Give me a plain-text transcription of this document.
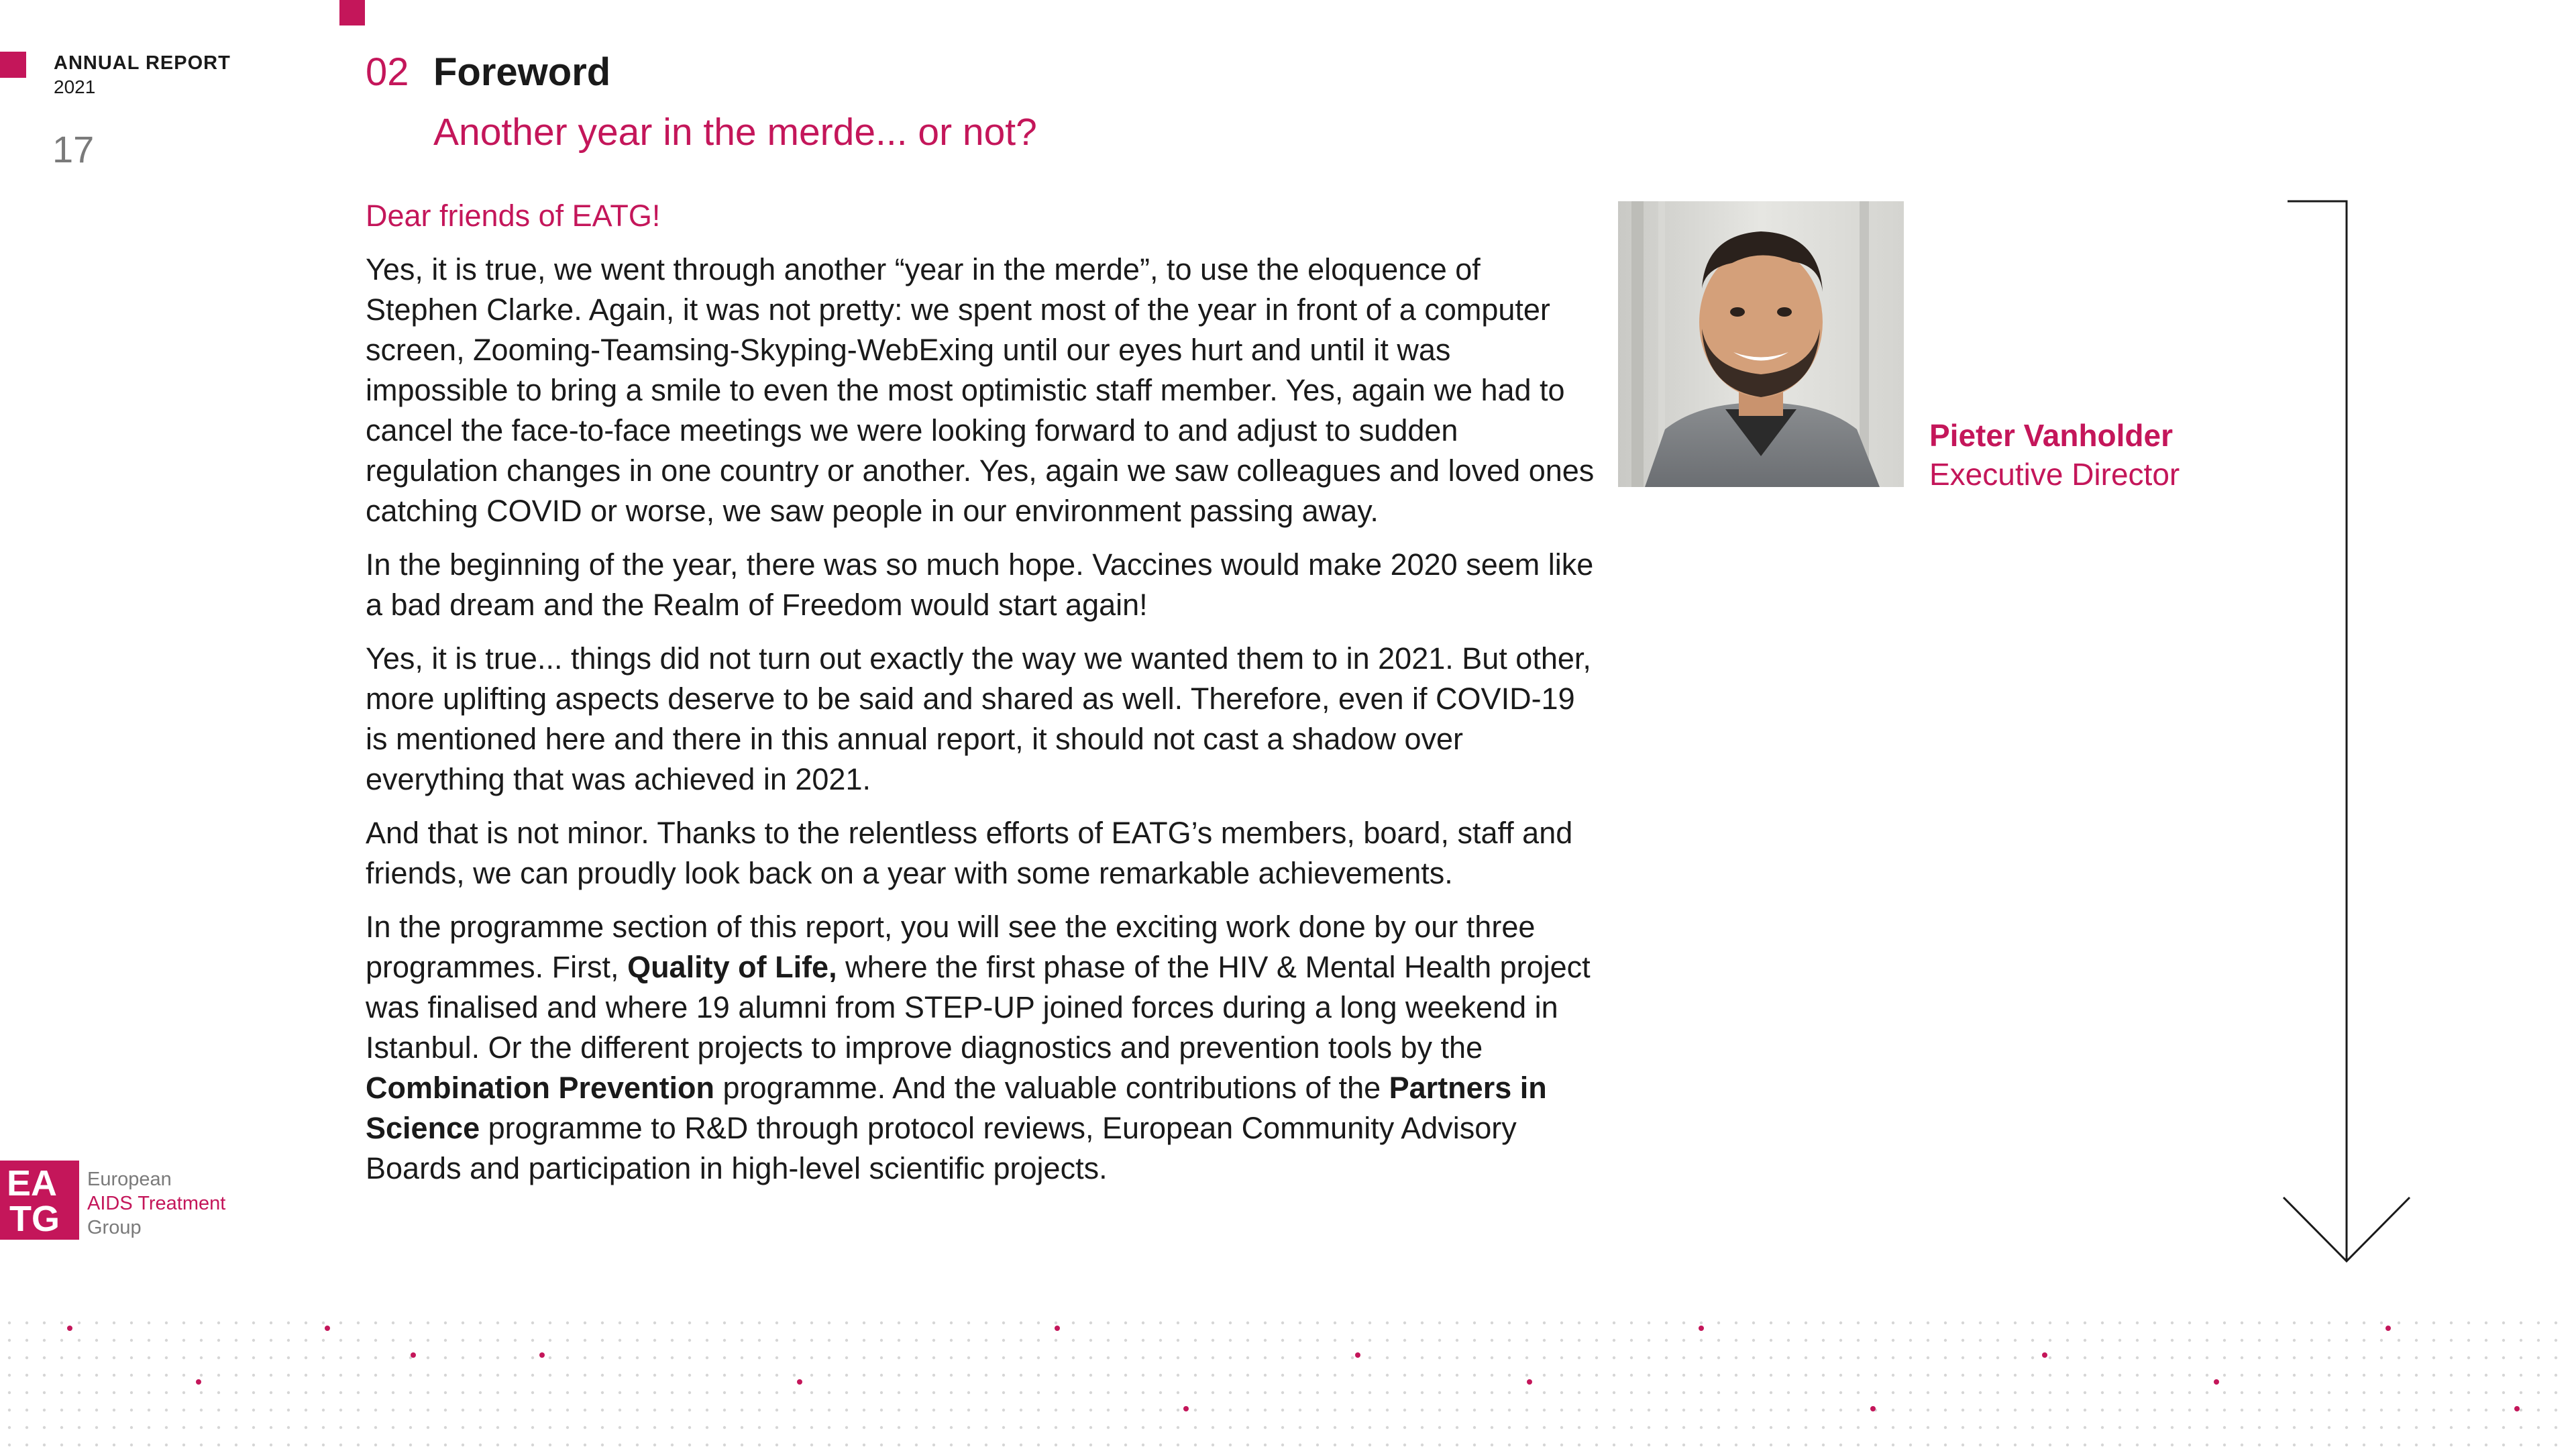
ANNUAL REPORT
2021
17
02 Foreword
Another year in the merde... or not?
Dear friends of EATG!

Yes, it is true, we went through another “year in the merde”, to use the eloquence of Stephen Clarke. Again, it was not pretty: we spent most of the year in front of a computer screen, Zooming-Teamsing-Skyping-WebExing until our eyes hurt and until it was impossible to bring a smile to even the most optimistic staff member. Yes, again we had to cancel the face-to-face meetings we were looking forward to and adjust to sudden regulation changes in one country or another. Yes, again we saw colleagues and loved ones catching COVID or worse, we saw people in our environment passing away.

In the beginning of the year, there was so much hope. Vaccines would make 2020 seem like a bad dream and the Realm of Freedom would start again!

Yes, it is true... things did not turn out exactly the way we wanted them to in 2021. But other, more uplifting aspects deserve to be said and shared as well. Therefore, even if COVID-19 is mentioned here and there in this annual report, it should not cast a shadow over everything that was achieved in 2021.

And that is not minor. Thanks to the relentless efforts of EATG’s members, board, staff and friends, we can proudly look back on a year with some remarkable achievements.

In the programme section of this report, you will see the exciting work done by our three programmes. First, Quality of Life, where the first phase of the HIV & Mental Health project was finalised and where 19 alumni from STEP-UP joined forces during a long weekend in Istanbul. Or the different projects to improve diagnostics and prevention tools by the Combination Prevention programme. And the valuable contributions of the Partners in Science programme to R&D through protocol reviews, European Community Advisory Boards and participation in high-level scientific projects.

Pieter Vanholder
Executive Director
EA
TG
European
AIDS Treatment
Group
